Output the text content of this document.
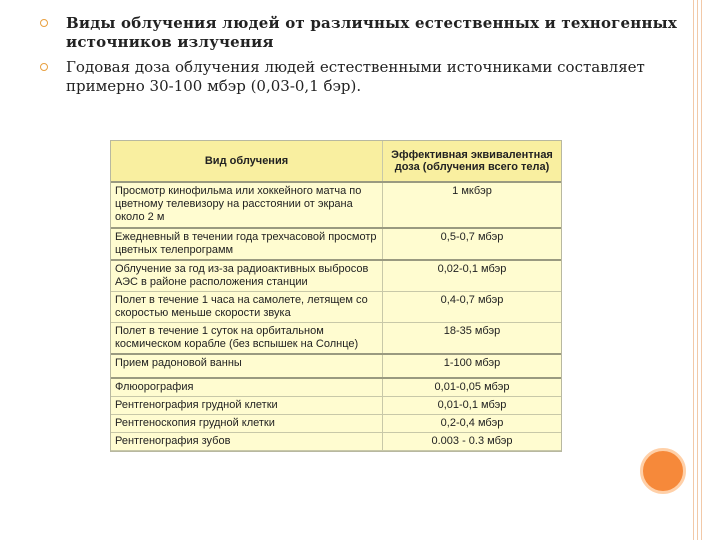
Виды облучения людей от различных естественных и техногенных источников излучения
Годовая доза облучения людей естественными источниками составляет примерно 30-100 мбэр (0,03-0,1 бэр).
Вид облучения	Эффективная эквивалентная доза (облучения всего тела)
Просмотр кинофильма или хоккейного матча по цветному телевизору на расстоянии от экрана около 2 м	1 мкбэр
Ежедневный в течении года трехчасовой просмотр цветных телепрограмм	0,5-0,7 мбэр
Облучение за год из-за радиоактивных выбросов АЭС в районе расположения станции	0,02-0,1 мбэр
Полет в течение 1 часа на самолете, летящем со скоростью меньше скорости звука	0,4-0,7 мбэр
Полет в течение 1 суток на орбитальном космическом корабле (без вспышек на Солнце)	18-35 мбэр
Прием радоновой ванны	1-100 мбэр
Флюорография	0,01-0,05 мбэр
Рентгенография грудной клетки	0,01-0,1 мбэр
Рентгеноскопия грудной клетки	0,2-0,4 мбэр
Рентгенография зубов	0.003 - 0.3 мбэр
